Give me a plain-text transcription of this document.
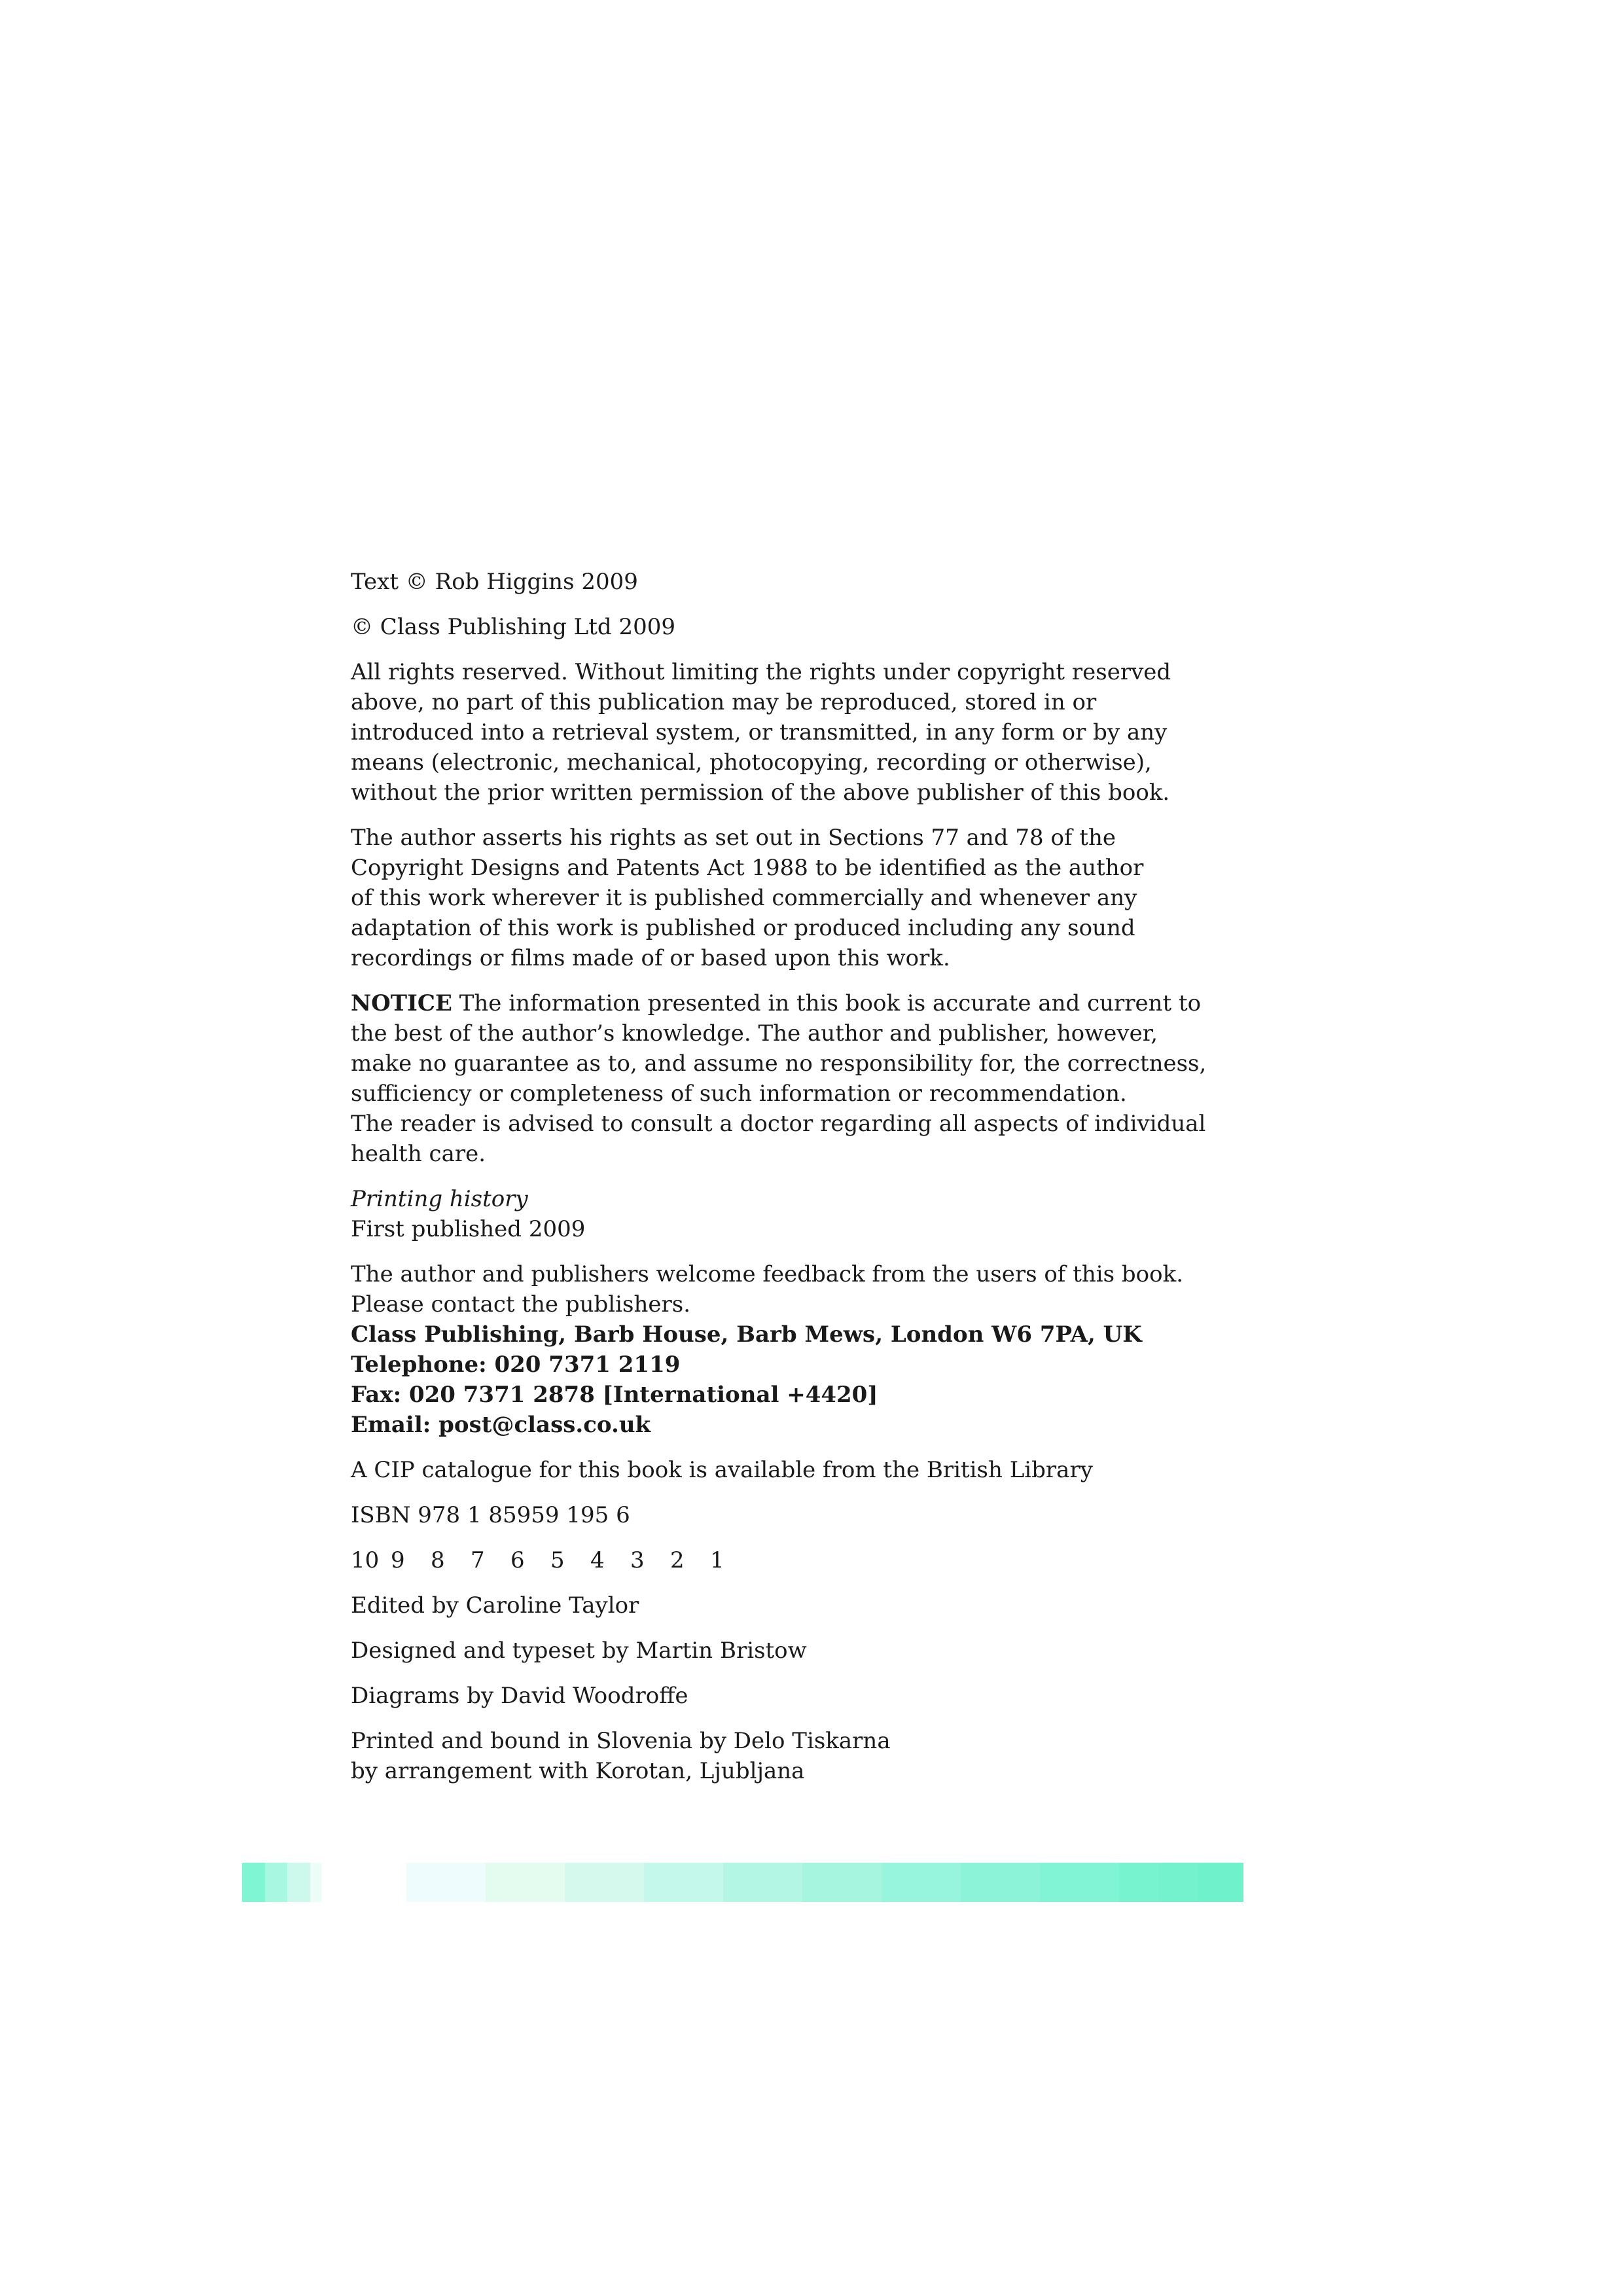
Text © Rob Higgins 2009
© Class Publishing Ltd 2009
All rights reserved. Without limiting the rights under copyright reserved
above, no part of this publication may be reproduced, stored in or
introduced into a retrieval system, or transmitted, in any form or by any
means (electronic, mechanical, photocopying, recording or otherwise),
without the prior written permission of the above publisher of this book.
The author asserts his rights as set out in Sections 77 and 78 of the
Copyright Designs and Patents Act 1988 to be identified as the author
of this work wherever it is published commercially and whenever any
adaptation of this work is published or produced including any sound
recordings or films made of or based upon this work.
NOTICE The information presented in this book is accurate and current to
the best of the author’s knowledge. The author and publisher, however,
make no guarantee as to, and assume no responsibility for, the correctness,
sufficiency or completeness of such information or recommendation.
The reader is advised to consult a doctor regarding all aspects of individual
health care.
Printing history
First published 2009
The author and publishers welcome feedback from the users of this book.
Please contact the publishers.
Class Publishing, Barb House, Barb Mews, London W6 7PA, UK
Telephone: 020 7371 2119
Fax: 020 7371 2878 [International +4420]
Email: post@class.co.uk
A CIP catalogue for this book is available from the British Library
ISBN 978 1 85959 195 6
10 9	8	7	6	5	4	3	2	1
Edited by Caroline Taylor
Designed and typeset by Martin Bristow
Diagrams by David Woodroffe
Printed and bound in Slovenia by Delo Tiskarna
by arrangement with Korotan, Ljubljana
